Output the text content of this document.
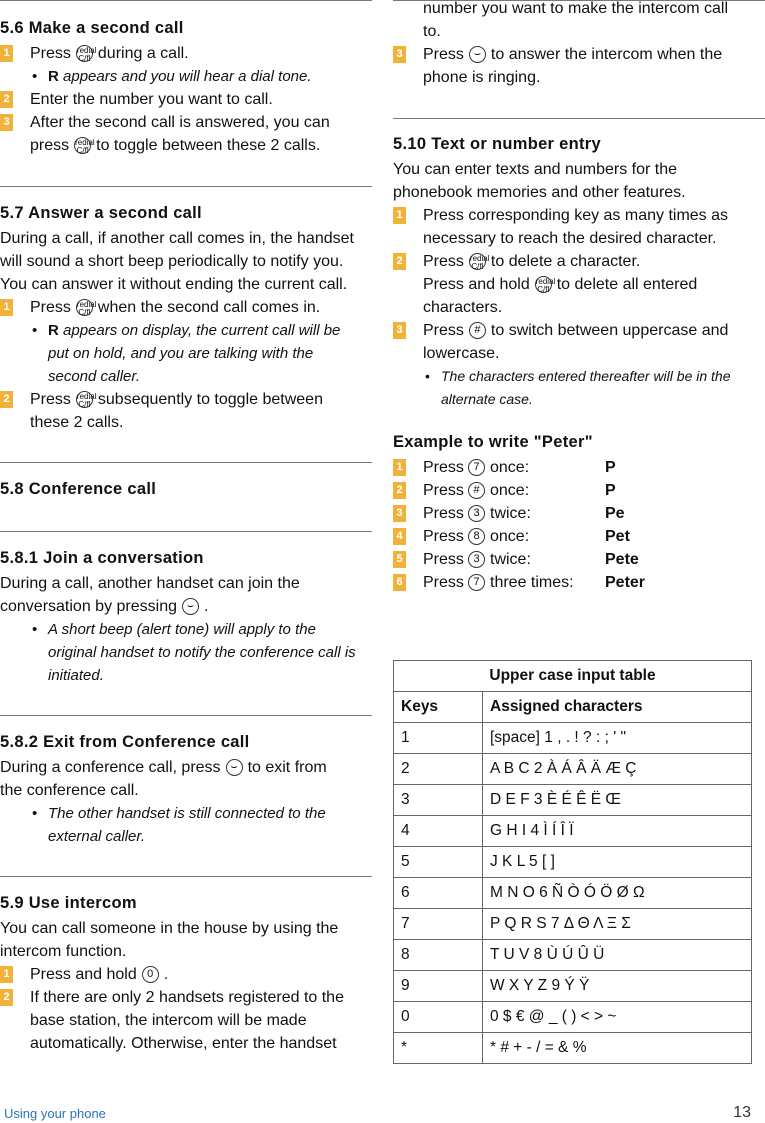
5.6 Make a second call
1 Press redial
C/fl during a call.
• R appears and you will hear a dial tone.
2 Enter the number you want to call.
3 After the second call is answered, you can
press redial
C/fl to toggle between these 2 calls.
5.7 Answer a second call
During a call, if another call comes in, the handset
will sound a short beep periodically to notify you.
You can answer it without ending the current call.
1 Press redial
C/fl when the second call comes in.
• R appears on display, the current call will be
put on hold, and you are talking with the
second caller.
2 Press redial
C/fl subsequently to toggle between
these 2 calls.
5.8 Conference call
5.8.1 Join a conversation
During a call, another handset can join the
conversation by pressing ⌣ .
• A short beep (alert tone) will apply to the
original handset to notify the conference call is
initiated.
5.8.2 Exit from Conference call
During a conference call, press ⌣ to exit from
the conference call.
• The other handset is still connected to the
external caller.
5.9 Use intercom
You can call someone in the house by using the
intercom function.
1 Press and hold 0 .
2 If there are only 2 handsets registered to the
base station, the intercom will be made
automatically. Otherwise, enter the handset
number you want to make the intercom call
to.
3 Press ⌣ to answer the intercom when the
phone is ringing.
5.10 Text or number entry
You can enter texts and numbers for the
phonebook memories and other features.
1 Press corresponding key as many times as
necessary to reach the desired character.
2 Press redial
C/fl to delete a character.
Press and hold redial
C/fl to delete all entered
characters.
3 Press # to switch between uppercase and
lowercase.
• The characters entered thereafter will be in the
alternate case.
Example to write "Peter"
1 Press 7 once:	P
2 Press # once:	P
3 Press 3 twice:	Pe
4 Press 8 once:	Pet
5 Press 3 twice:	Pete
6 Press 7 three times: Peter
Upper case input table	
Keys	Assigned characters
1	[space] 1 , . ! ? : ; ' "
2	A B C 2 À Á Â Ä Æ Ç
3	D E F 3 È É Ê Ë Œ
4	G H I 4 Ì Í Î Ï
5	J K L 5 [ ]
6	M N O 6 Ñ Ò Ó Ö Ø Ω
7	P Q R S 7 Δ Θ Λ Ξ Σ
8	T U V 8 Ù Ú Û Ü
9	W X Y Z 9 Ý Ÿ
0	0 $ € @ _ ( ) < > ~
*	* # + - / = & %
Using your phone	13
